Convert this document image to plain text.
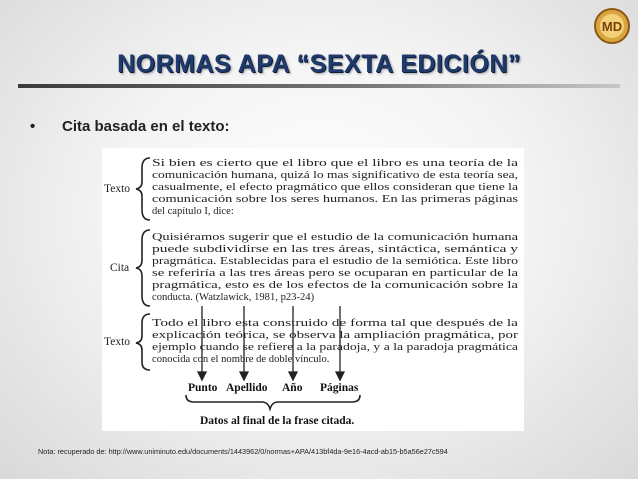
MD
NORMAS APA “SEXTA EDICIÓN”
• Cita basada en el texto:
Texto
Si bien es cierto que el libro que el libro es una teoría de la
comunicación humana, quizá lo mas significativo de esta teoría sea,
casualmente, el efecto pragmático que ellos consideran que tiene la
comunicación sobre los seres humanos. En las primeras páginas
del capítulo I, dice:
Cita
Quisiéramos sugerir que el estudio de la comunicación humana
puede subdividirse en las tres áreas, sintáctica, semántica y
pragmática. Establecidas para el estudio de la semiótica. Este libro
se referiría a las tres áreas pero se ocuparan en particular de la
pragmática, esto es de los efectos de la comunicación sobre la
conducta. (Watzlawick, 1981, p23-24)
Texto
Todo el libro esta construido de forma tal que después de la
explicación teórica, se observa la ampliación pragmática, por
ejemplo cuando se refiere a la paradoja, y a la paradoja pragmática
conocida con el nombre de doble vínculo.
Punto Apellido Año Páginas
Datos al final de la frase citada.
Nota: recuperado de: http://www.uniminuto.edu/documents/1443962/0/normas+APA/413bf4da-9e16-4acd-ab15-b5a56e27c594
